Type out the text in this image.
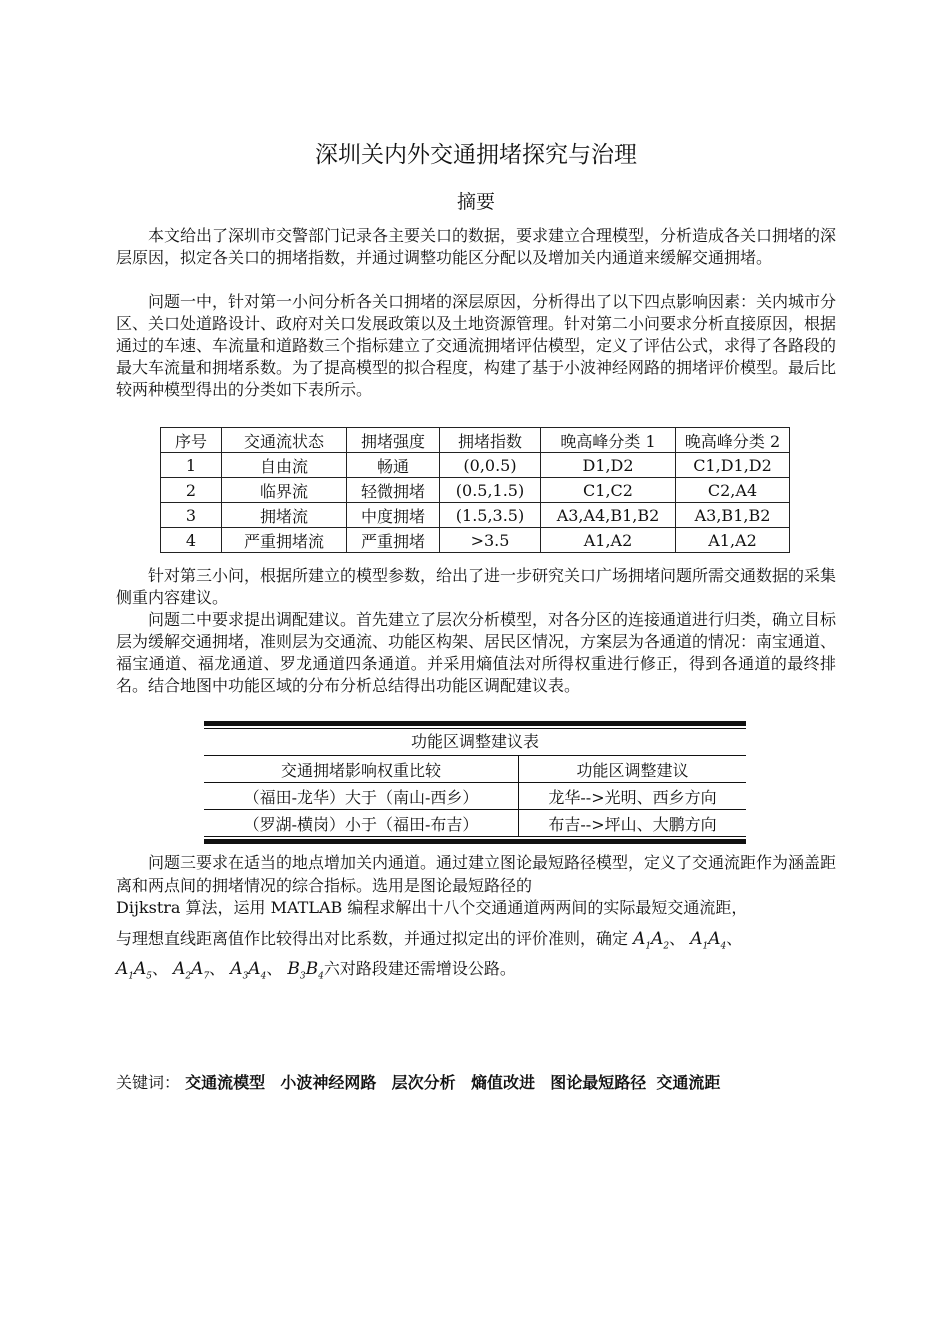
深圳关内外交通拥堵探究与治理
摘要

本文给出了深圳市交警部门记录各主要关口的数据，要求建立合理模型，分析造成各关口拥堵的深层原因，拟定各关口的拥堵指数，并通过调整功能区分配以及增加关内通道来缓解交通拥堵。

问题一中，针对第一小问分析各关口拥堵的深层原因，分析得出了以下四点影响因素：关内城市分区、关口处道路设计、政府对关口发展政策以及土地资源管理。针对第二小问要求分析直接原因，根据通过的车速、车流量和道路数三个指标建立了交通流拥堵评估模型，定义了评估公式，求得了各路段的最大车流量和拥堵系数。为了提高模型的拟合程度，构建了基于小波神经网路的拥堵评价模型。最后比较两种模型得出的分类如下表所示。

序号	交通流状态	拥堵强度	拥堵指数	晚高峰分类 1	晚高峰分类 2
1	自由流	畅通	(0,0.5)	D1,D2	C1,D1,D2
2	临界流	轻微拥堵	(0.5,1.5)	C1,C2	C2,A4
3	拥堵流	中度拥堵	(1.5,3.5)	A3,A4,B1,B2	A3,B1,B2
4	严重拥堵流	严重拥堵	>3.5	A1,A2	A1,A2

针对第三小问，根据所建立的模型参数，给出了进一步研究关口广场拥堵问题所需交通数据的采集侧重内容建议。

问题二中要求提出调配建议。首先建立了层次分析模型，对各分区的连接通道进行归类，确立目标层为缓解交通拥堵，准则层为交通流、功能区构架、居民区情况，方案层为各通道的情况：南宝通道、福宝通道、福龙通道、罗龙通道四条通道。并采用熵值法对所得权重进行修正，得到各通道的最终排名。结合地图中功能区域的分布分析总结得出功能区调配建议表。

功能区调整建议表
交通拥堵影响权重比较	功能区调整建议
（福田-龙华）大于（南山-西乡）	龙华-->光明、西乡方向
（罗湖-横岗）小于（福田-布吉）	布吉-->坪山、大鹏方向
问题三要求在适当的地点增加关内通道。通过建立图论最短路径模型，定义了交通流距作为涵盖距离和两点间的拥堵情况的综合指标。选用是图论最短路径的
Dijkstra 算法，运用 MATLAB 编程求解出十八个交通通道两两间的实际最短交通流距，
与理想直线距离值作比较得出对比系数，并通过拟定出的评价准则，确定 $A_1A_2$、 $A_1A_4$、
$A_1A_5$、 $A_2A_7$、 $A_3A_4$、 $B_3B_4$六对路段建还需增设公路。
关键词： 交通流模型 小波神经网路 层次分析 熵值改进 图论最短路径 交通流距
